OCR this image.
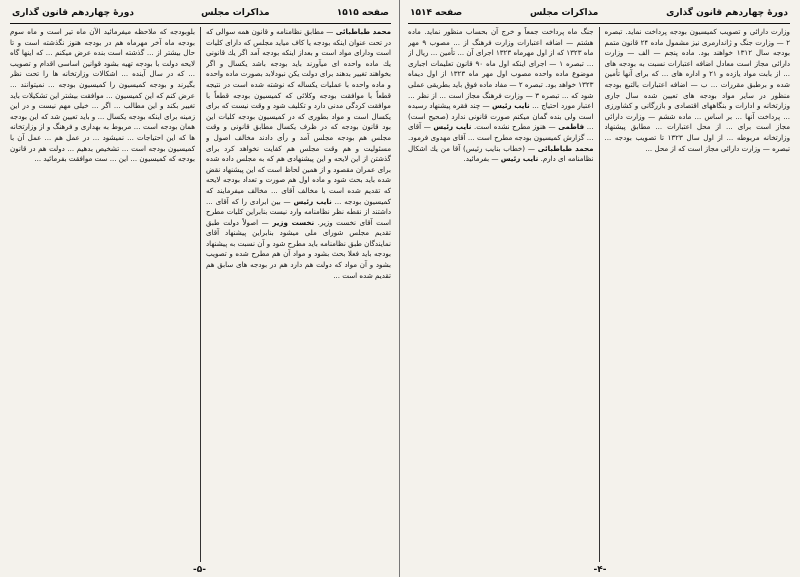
صفحه ۱۵۱۵
مذاکرات مجلس
دورهٔ چهاردهم قانون گذاری
محمد طباطبائی — مطابق نظامنامه و قانون همه سوالی که در تحت عنوان اینکه بودجه یا کاف میاید مجلس که دارای کلیات است ودارای مواد است و بعداز اینکه بودجه آمد اگر یك قانونی یك ماده واحده ای میآورند باید بودجه باشد یکسال و اگر بخواهند تغییر بدهند برای دولت یکن نبودلابد بصورت ماده واحده و ماده واحده با عملیات یکساله که نوشته شده است در نتیجه قطعاً با موافقت بودجه وکلائی که کمیسیون بودجه قطعاً با موافقت کردگی مدنی دارد و تکلیف شود و وقت نیست که برای یکسال است و مواد بطوری که در کمیسیون بودجه کلیات این بود قانون بودجه که در ظرف یکسال مطابق قانونی و وقت مجلس هم بودجه مجلس آمد و رأی دادند مخالف اصول و مسئولیت و هم وقت مجلس هم کفایت نخواهد کرد برای گذشتن از این لایحه و این پیشنهادی هم که به مجلس داده شده برای عمران مقصود و از همین لحاظ است که این پیشنهاد نقض شده باید بحث شود و ماده اول هم صورت و تعداد بودجه لایحه که تقدیم شده است با مخالف آقای ... مخالف میفرمایند که کمیسیون بودجه ... نایب رئیس — بین ابرادی را که آقای ... داشتند از نقطه نظر نظامنامه وارد نیست بنابراین کلیات مطرح است آقای نخست وزیر. نخست وزیر — اصولاً دولت طبق تقدیم مجلس شورای ملی میشود بنابراین پیشنهاد آقای نمایندگان طبق نظامنامه باید مطرح شود و آن نسبت به پیشنهاد بودجه باید فعلا بحث بشود و مواد آن هم مطرح شده و تصویب بشود و آن مواد که دولت هم دارد هم در بودجه های سابق هم تقدیم شده است ...
بلوبودجه که ملاحظه میفرمائید الآن ماه تیر است و ماه سوم بودجه ماه آخر مهرماه هم در بودجه هنوز نگذشته است و تا حال بیشتر از ... گذشته است بنده عرض میکنم ... که اینها گاه لایحه دولت با بودجه تهیه بشود قوانین اساسی اقدام و تصویب ... که در سال آینده ... اشکالات وزارتخانه ها را تحت نظر بگیرند و بودجه کمیسیون را کمیسیون بودجه ... نمیتوانند ... عرض کنم که این کمیسیون ... موافقت بیشتر این تشکیلات باید تغییر بکند و این مطالب ... اگر ... خیلی مهم نیست و در این زمینه برای اینکه بودجه یکسال ... و باید تعیین شد که این بودجه همان بودجه است ... مربوط به بهداری و فرهنگ و از وزارتخانه ها که این احتیاجات ... نمیشود ... در عمل هم ... عمل آن با کمیسیون بودجه است ... تشخیص بدهیم ... دولت هم در قانون بودجه که کمیسیون ... این ... ست موافقت بفرمائید ...
-۵-
دورهٔ چهاردهم قانون گذاری
مذاکرات مجلس
صفحه ۱۵۱۴
وزارت دارائی و تصویب کمیسیون بودجه پرداخت نماید. تبصره ۲ — وزارت جنگ و ژاندارمری نیز مشمول ماده ۲۴ قانون متمم بودجه سال ۱۳۱۲ خواهند بود. ماده پنجم — الف — وزارت دارائی مجاز است معادل اضافه اعتبارات نسبت به بودجه های ... از بابت مواد یازده و ۲۱ و اداره های ... که برای آنها تأمین شده و برطبق مقررات ... ب — اضافه اعتبارات بالتبع بودجه منظور در سایر مواد بودجه های تعیین شده سال جاری وزارتخانه و ادارات و بنگاههای اقتصادی و بازرگانی و کشاورزی ... پرداخت آنها ... بر اساس ... ماده ششم — وزارت دارائی مجاز است برای ... از محل اعتبارات ... مطابق پیشنهاد وزارتخانه مربوطه ... از اول سال ۱۳۲۳ تا تصویب بودجه ... تبصره — وزارت دارائی مجاز است که از محل ...
جنگ ماه پرداخت جمعاً و خرج آن بحساب منظور نماید. ماده هشتم — اضافه اعتبارات وزارت فرهنگ از ... مصوب ۹ مهر ماه ۱۳۲۳ که از اول مهرماه ۱۳۲۳ اجرای آن ... تأمین ... ریال از ... تبصره ۱ — اجرای اینکه اول ماه ۹۰ قانون تعلیمات اجباری موضوع ماده واحده مصوب اول مهر ماه ۱۳۲۳ از اول دیماه ۱۳۲۳ خواهد بود. تبصره ۲ — مفاد ماده فوق باید بطریقی عملی شود که ... تبصره ۳ — وزارت فرهنگ مجاز است ... از نظر ... اعتبار مورد احتیاج ... نایب رئیس — چند فقره پیشنهاد رسیده است ولی بنده گمان میکنم صورت قانونی ندارد (صحیح است) ... فاطمی — هنوز مطرح نشده است. نایب رئیس — آقای ... گزارش کمیسیون بودجه مطرح است ... آقای مهدوی فرمود. محمد طباطبائی — (خطاب بنایب رئیس) آقا من یك اشکال نظامنامه ای دارم. نایب رئیس — بفرمائید.
-۴-
